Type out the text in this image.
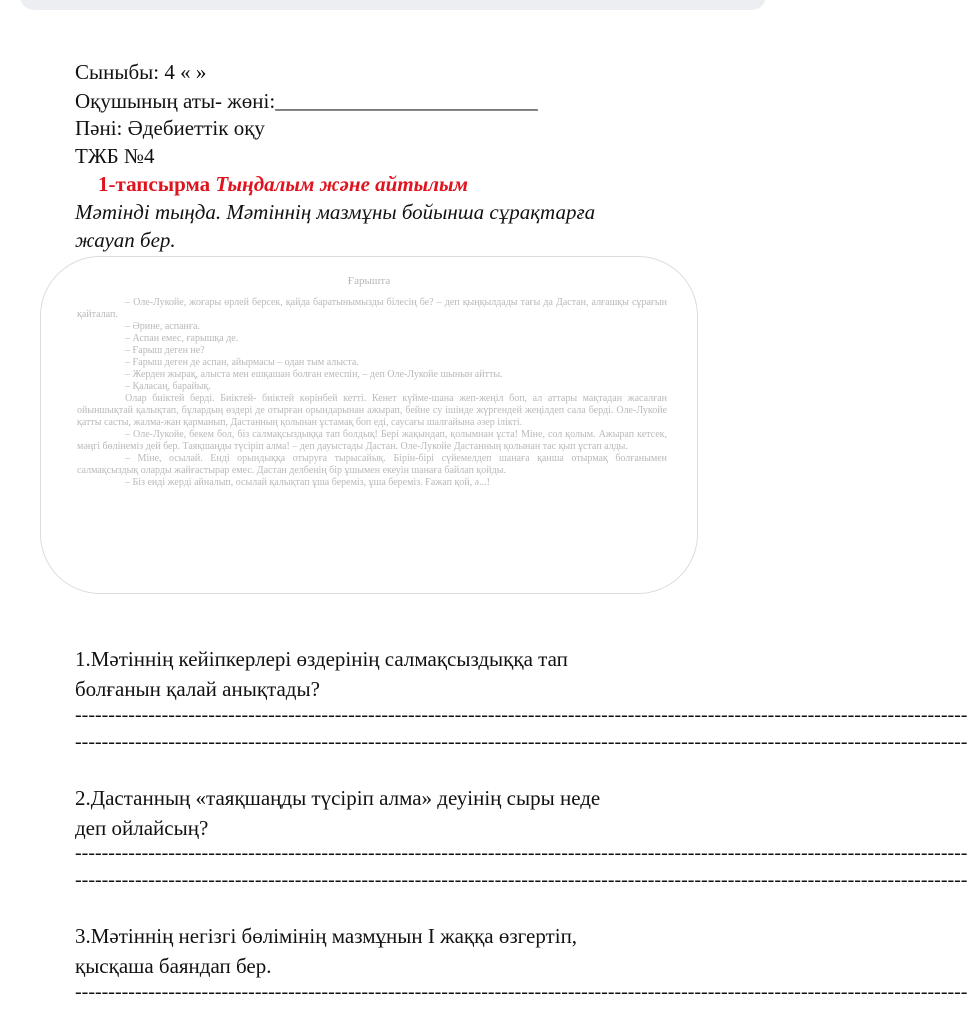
Сыныбы: 4 « »
Оқушының аты- жөні:_________________________
Пәні: Әдебиеттік оқу
ТЖБ №4
1-тапсырма Тыңдалым және айтылым
Мәтінді тыңда. Мәтіннің мазмұны бойынша сұрақтарға
жауап бер.
Ғарышта

– Оле-Лукойе, жоғары өрлей берсек, қайда баратынымызды білесің бе? – деп қыңқылдады тағы да Дастан, алғашқы сұрағын қайталап.

– Әрине, аспанға.

– Аспан емес, ғарышқа де.

– Ғарыш деген не?

– Ғарыш деген де аспан, айырмасы – одан тым алыста.

– Жерден жырақ, алыста мен ешқашан болған емеспін, – деп Оле-Лукойе шынын айтты.

– Қаласаң, барайық.

Олар биіктей берді. Биіктей- биіктей көрінбей кетті. Кенет күйме-шана жеп-жеңіл боп, ал аттары мақтадан жасалған ойыншықтай қалықтап, бұлардың өздері де отырған орындарынан ажырап, бейне су ішінде жүргендей жеңілдеп сала берді. Оле-Лукойе қатты састы, жалма-жан қарманып, Дастанның қолынан ұстамақ боп еді, саусағы шалғайына әзер ілікті.

– Оле-Лукойе, бекем бол, біз салмақсыздыққа тап болдық! Бері жақындап, қолымнан ұста! Міне, сол қолым. Ажырап кетсек, мәңгі бөлінеміз дей бер. Таяқшаңды түсіріп алма! – деп дауыстады Дастан. Оле-Лукойе Дастанның қолынан тас қып ұстап алды.

– Міне, осылай. Енді орындыққа отыруға тырысайық. Бірін-бірі сүйемелдеп шанаға қанша отырмақ болғанымен салмақсыздық оларды жайғастырар емес. Дастан делбенің бір ұшымен екеуін шанаға байлап қойды.

– Біз енді жерді айналып, осылай қалықтап ұша береміз, ұша береміз. Ғажап қой, ә...!

1.Мәтіннің кейіпкерлері өздерінің салмақсыздыққа тап
болғанын қалай анықтады?
--------------------------------------------------------------------------------------------------------------------------------------
--------------------------------------------------------------------------------------------------------------------------------------
2.Дастанның «таяқшаңды түсіріп алма» деуінің сыры неде
деп ойлайсың?
--------------------------------------------------------------------------------------------------------------------------------------
--------------------------------------------------------------------------------------------------------------------------------------
3.Мәтіннің негізгі бөлімінің мазмұнын І жаққа өзгертіп,
қысқаша баяндап бер.
--------------------------------------------------------------------------------------------------------------------------------------
